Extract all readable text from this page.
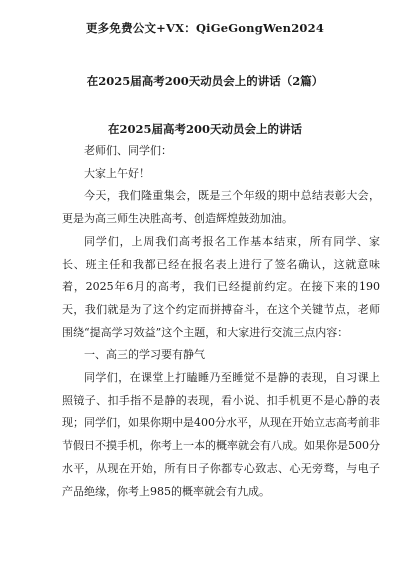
更多免费公文+VX：QiGeGongWen2024
在2025届高考200天动员会上的讲话（2篇）
在2025届高考200天动员会上的讲话

老师们、同学们：

大家上午好！

今天，我们隆重集会，既是三个年级的期中总结表彰大会，更是为高三师生决胜高考、创造辉煌鼓劲加油。

同学们，上周我们高考报名工作基本结束，所有同学、家长、班主任和我都已经在报名表上进行了签名确认，这就意味着，2025年6月的高考，我们已经提前约定。在接下来的190天，我们就是为了这个约定而拼搏奋斗，在这个关键节点，老师围绕“提高学习效益”这个主题，和大家进行交流三点内容：

一、高三的学习要有静气

同学们，在课堂上打瞌睡乃至睡觉不是静的表现，自习课上照镜子、扣手指不是静的表现，看小说、扣手机更不是心静的表现；同学们，如果你期中是400分水平，从现在开始立志高考前非节假日不摸手机，你考上一本的概率就会有八成。如果你是500分水平，从现在开始，所有日子你都专心致志、心无旁骛，与电子产品绝缘，你考上985的概率就会有九成。
